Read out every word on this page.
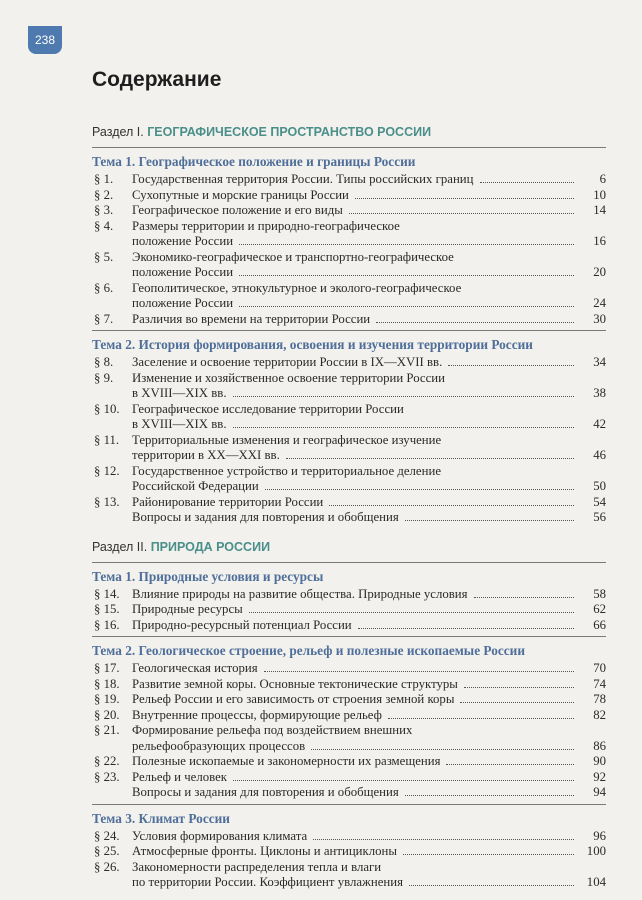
238
Содержание
Раздел I. ГЕОГРАФИЧЕСКОЕ ПРОСТРАНСТВО РОССИИ
Тема 1. Географическое положение и границы России
§ 1.	Государственная территория России. Типы российских границ	6
§ 2.	Сухопутные и морские границы России	10
§ 3.	Географическое положение и его виды	14
§ 4.	Размеры территории и природно-географическое
положение России	16
§ 5.	Экономико-географическое и транспортно-географическое
положение России	20
§ 6.	Геополитическое, этнокультурное и эколого-географическое
положение России	24
§ 7.	Различия во времени на территории России	30
Тема 2. История формирования, освоения и изучения территории России
§ 8.	Заселение и освоение территории России в IX—XVII вв.	34
§ 9.	Изменение и хозяйственное освоение территории России
в XVIII—XIX вв.	38
§ 10. Географическое исследование территории России
в XVIII—XIX вв.	42
§ 11.	Территориальные изменения и географическое изучение
территории в XX—XXI вв.	46
§ 12. Государственное устройство и территориальное деление
Российской Федерации	50
§ 13. Районирование территории России	54
Вопросы и задания для повторения и обобщения	56
Раздел II. ПРИРОДА РОССИИ
Тема 1. Природные условия и ресурсы
§ 14. Влияние природы на развитие общества. Природные условия	58
§ 15. Природные ресурсы	62
§ 16. Природно-ресурсный потенциал России	66
Тема 2. Геологическое строение, рельеф и полезные ископаемые России
§ 17. Геологическая история	70
§ 18. Развитие земной коры. Основные тектонические структуры	74
§ 19. Рельеф России и его зависимость от строения земной коры	78
§ 20. Внутренние процессы, формирующие рельеф	82
§ 21. Формирование рельефа под воздействием внешних
рельефообразующих процессов	86
§ 22. Полезные ископаемые и закономерности их размещения	90
§ 23. Рельеф и человек	92
Вопросы и задания для повторения и обобщения	94
Тема 3. Климат России
§ 24. Условия формирования климата	96
§ 25. Атмосферные фронты. Циклоны и антициклоны	100
§ 26. Закономерности распределения тепла и влаги
по территории России. Коэффициент увлажнения	104
